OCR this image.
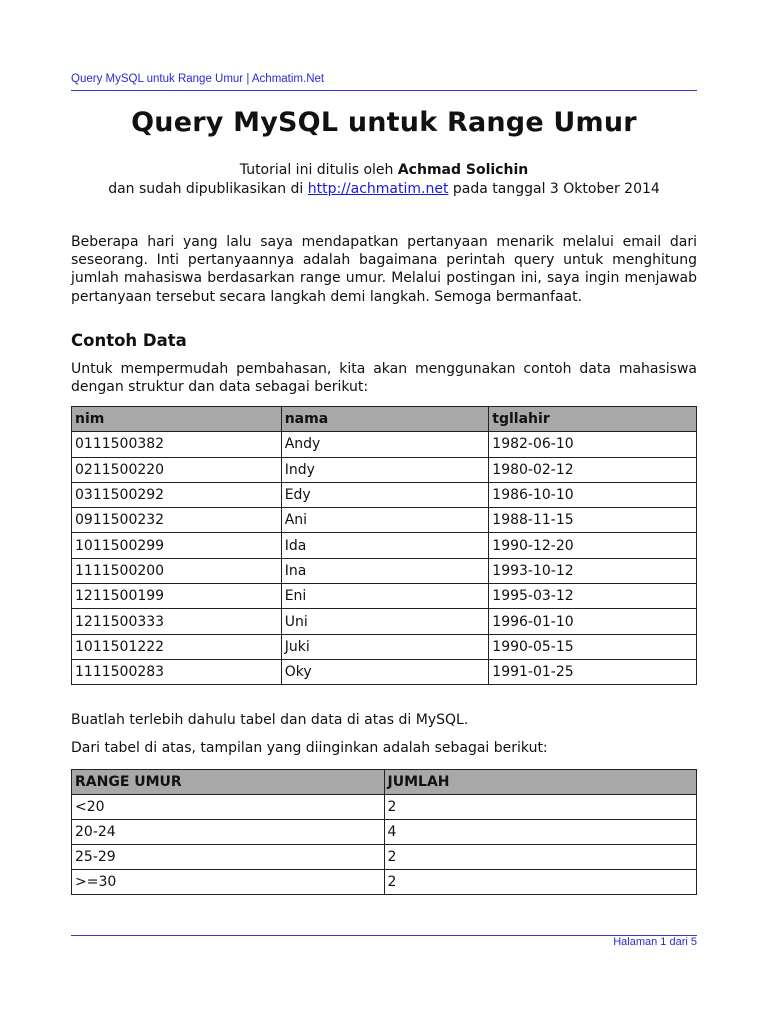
Query MySQL untuk Range Umur | Achmatim.Net
Query MySQL untuk Range Umur
Tutorial ini ditulis oleh Achmad Solichin
dan sudah dipublikasikan di http://achmatim.net pada tanggal 3 Oktober 2014

Beberapa hari yang lalu saya mendapatkan pertanyaan menarik melalui email dari seseorang. Inti pertanyaannya adalah bagaimana perintah query untuk menghitung jumlah mahasiswa berdasarkan range umur. Melalui postingan ini, saya ingin menjawab pertanyaan tersebut secara langkah demi langkah. Semoga bermanfaat.

Contoh Data

Untuk mempermudah pembahasan, kita akan menggunakan contoh data mahasiswa dengan struktur dan data sebagai berikut:

nim	nama	tgllahir
0111500382	Andy	1982-06-10
0211500220	Indy	1980-02-12
0311500292	Edy	1986-10-10
0911500232	Ani	1988-11-15
1011500299	Ida	1990-12-20
1111500200	Ina	1993-10-12
1211500199	Eni	1995-03-12
1211500333	Uni	1996-01-10
1011501222	Juki	1990-05-15
1111500283	Oky	1991-01-25
Buatlah terlebih dahulu tabel dan data di atas di MySQL.
Dari tabel di atas, tampilan yang diinginkan adalah sebagai berikut:
RANGE UMUR	JUMLAH
<20	2
20-24	4
25-29	2
>=30	2
Halaman 1 dari 5
